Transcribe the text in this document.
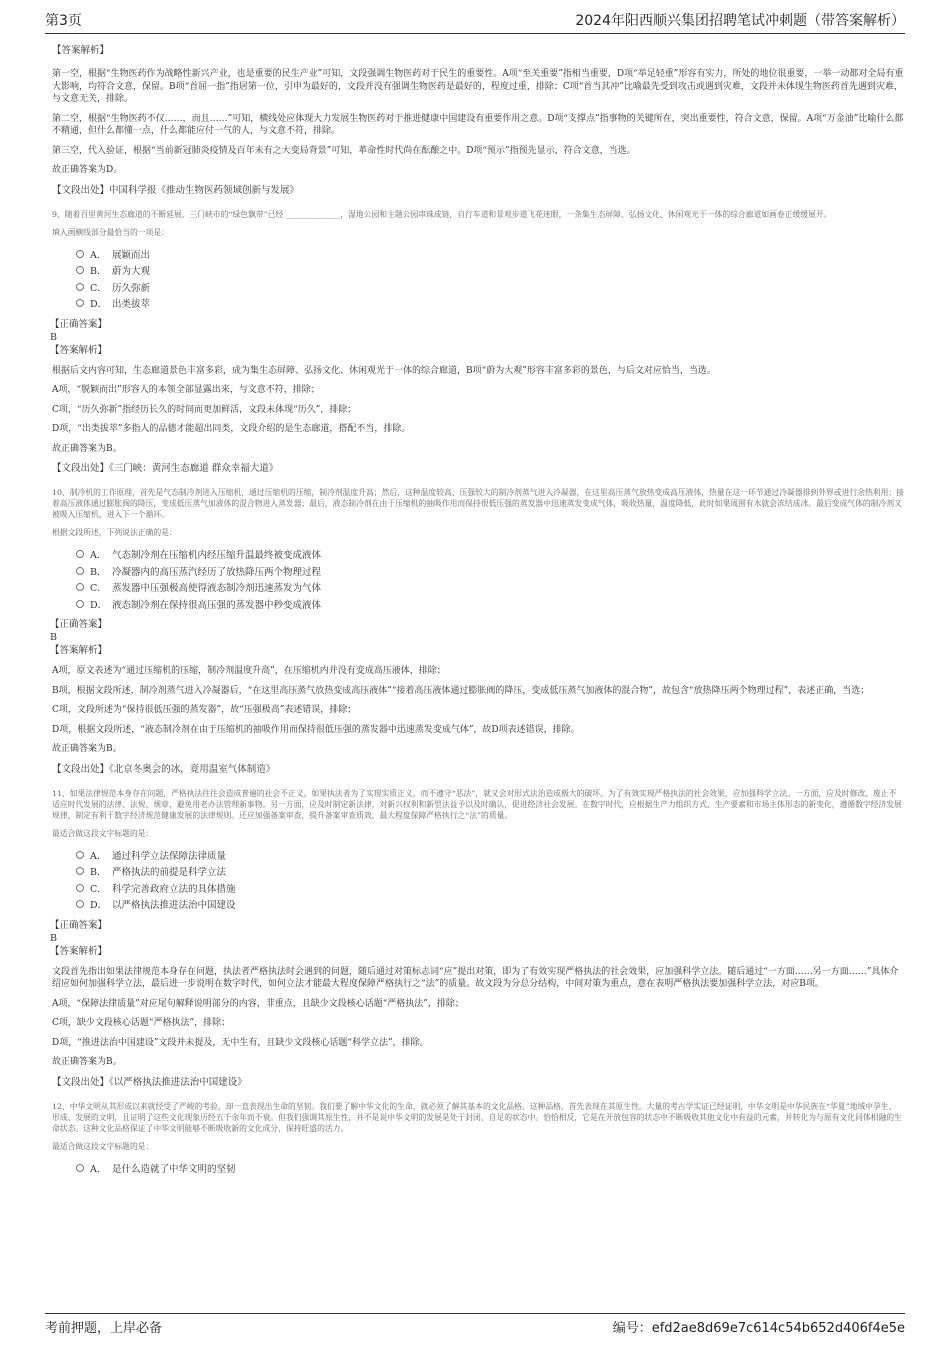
第3页	2024年阳西顺兴集团招聘笔试冲刺题（带答案解析）
【答案解析】
第一空，根据“生物医药作为战略性新兴产业，也是重要的民生产业”可知，文段强调生物医药对于民生的重要性。A项“至关重要”指相当重要，D项“举足轻重”形容有实力，所处的地位很重要，一举一动都对全局有重大影响，均符合文意，保留。B项“首屈一指”指居第一位，引申为最好的，文段并没有强调生物医药是最好的，程度过重，排除；C项“首当其冲”比喻最先受到攻击或遇到灾难，文段并未体现生物医药首先遇到灾难，与文意无关，排除。
第二空，根据“生物医药不仅……，而且……”可知，横线处应体现大力发展生物医药对于推进健康中国建设有重要作用之意。D项“支撑点”指事物的关键所在，突出重要性，符合文意，保留。A项“万金油”比喻什么都不精通，但什么都懂一点，什么都能应付一气的人，与文意不符，排除。
第三空，代入验证，根据“当前新冠肺炎疫情及百年未有之大变局背景”可知，革命性时代尚在酝酿之中。D项“预示”指预先显示，符合文意，当选。
故正确答案为D。
【文段出处】中国科学报《推动生物医药领域创新与发展》
9、随着百里黄河生态廊道的不断延展，三门峡市的“绿色飘带”已经 ______________，湿地公园和主题公园串珠成链，自行车道和景观步道飞花迷眼，一条集生态屏障、弘扬文化、休闲观光于一体的综合廊道如画卷正缓缓展开。
填入画横线部分最恰当的一项是：
A． 展颖而出
B． 蔚为大观
C． 历久弥新
D． 出类拔萃
【正确答案】
B
【答案解析】
根据后文内容可知，生态廊道景色丰富多彩，成为集生态屏障、弘扬文化、休闲观光于一体的综合廊道，B项“蔚为大观”形容丰富多彩的景色，与后文对应恰当，当选。
A项，“脱颖而出”形容人的本领全部显露出来，与文意不符，排除；
C项，“历久弥新”指经历长久的时间而更加鲜活，文段未体现“历久”，排除；
D项，“出类拔萃”多指人的品德才能超出同类，文段介绍的是生态廊道，搭配不当，排除。
故正确答案为B。
【文段出处】《三门峡：黄河生态廊道 群众幸福大道》
10、制冷机的工作原理，首先是气态制冷剂进入压缩机，通过压缩机的压缩，制冷剂温度升高；然后，这种温度较高、压强较大的制冷剂蒸气进入冷凝器，在这里高压蒸气放热变成高压液体，热量在这一环节通过冷凝器排到外界或进行余热利用；接着高压液体通过膨胀阀的降压，变成低压蒸气加液体的混合物进入蒸发器；最后，液态制冷剂在由于压缩机的抽吸作用而保持很低压强的蒸发器中迅速蒸发变成气体，吸收热量，温度降低，此时如果周围有水就会冻结成冰。最后变成气体的制冷剂又被吸入压缩机，进入下一个循环。
根据文段所述，下列说法正确的是：
A． 气态制冷剂在压缩机内经压缩升温最终被变成液体
B． 冷凝器内的高压蒸汽经历了放热降压两个物理过程
C． 蒸发器中压强极高使得液态制冷剂迅速蒸发为气体
D． 液态制冷剂在保持很高压强的蒸发器中秒变成液体
【正确答案】
B
【答案解析】
A项，原文表述为“通过压缩机的压缩，制冷剂温度升高”，在压缩机内并没有变成高压液体，排除；
B项，根据文段所述，制冷剂蒸气进入冷凝器后，“在这里高压蒸气放热变成高压液体”“接着高压液体通过膨胀阀的降压，变成低压蒸气加液体的混合物”，故包含“放热降压两个物理过程”，表述正确，当选；
C项，文段所述为“保持很低压强的蒸发器”，故“压强极高”表述错误，排除；
D项，根据文段所述，“液态制冷剂在由于压缩机的抽吸作用而保持很低压强的蒸发器中迅速蒸发变成气体”，故D项表述错误，排除。
故正确答案为B。
【文段出处】《北京冬奥会的冰，竟用温室气体制造》
11、如果法律规范本身存在问题，严格执法往往会造成普遍的社会不正义。如果执法者为了实现实质正义，而不遵守“恶法”，就又会对形式法治造成极大的破坏。为了有效实现严格执法的社会效果，应加强科学立法。一方面，应及时修改、废止不适应时代发展的法律、法规、规章，避免用老办法管理新事物。另一方面，应及时制定新法律，对新兴权利和新型法益予以及时确认，促进经济社会发展。在数字时代，应根据生产力组织方式、生产要素和市场主体形态的新变化，遵循数字经济发展规律，制定有利于数字经济规范健康发展的法律规则。还应加强备案审查，提升备案审查质效，最大程度保障严格执行之“法”的质量。
最适合做这段文字标题的是：
A． 通过科学立法保障法律质量
B． 严格执法的前提是科学立法
C． 科学完善政府立法的具体措施
D． 以严格执法推进法治中国建设
【正确答案】
B
【答案解析】
文段首先指出如果法律规范本身存在问题，执法者严格执法时会遇到的问题，随后通过对策标志词“应”提出对策，即为了有效实现严格执法的社会效果，应加强科学立法。随后通过“一方面……另一方面……”具体介绍应如何加强科学立法，最后进一步说明在数字时代，如何立法才能最大程度保障严格执行之“法”的质量。故文段为分总分结构，中间对策为重点，意在表明严格执法要加强科学立法，对应B项。
A项，“保障法律质量”对应尾句解释说明部分的内容，非重点，且缺少文段核心话题“严格执法”，排除；
C项，缺少文段核心话题“严格执法”，排除；
D项，“推进法治中国建设”文段并未提及，无中生有，且缺少文段核心话题“科学立法”，排除。
故正确答案为B。
【文段出处】《以严格执法推进法治中国建设》
12、中华文明从其形成以来就经受了严峻的考验，却一直表现出生命的坚韧。我们要了解中华文化的生命，就必须了解其基本的文化品格。这种品格，首先表现在其原生性。大量的考古学实证已经证明，中华文明是中华民族在“华夏”地域中孕生、形成、发展的文明，且证明了这些文化现象历经五千余年而不衰。但我们强调其原生性，并不是说中华文明的发展是处于封闭、自足的状态中。恰恰相反，它是在开放包容的状态中不断吸收其他文化中有益的元素，并转化为与原有文化同体相融的生命状态。这种文化品格保证了中华文明能够不断吸收新的文化成分，保持旺盛的活力。
最适合做这段文字标题的是：
A． 是什么造就了中华文明的坚韧
考前押题，上岸必备	编号：efd2ae8d69e7c614c54b652d406f4e5e
